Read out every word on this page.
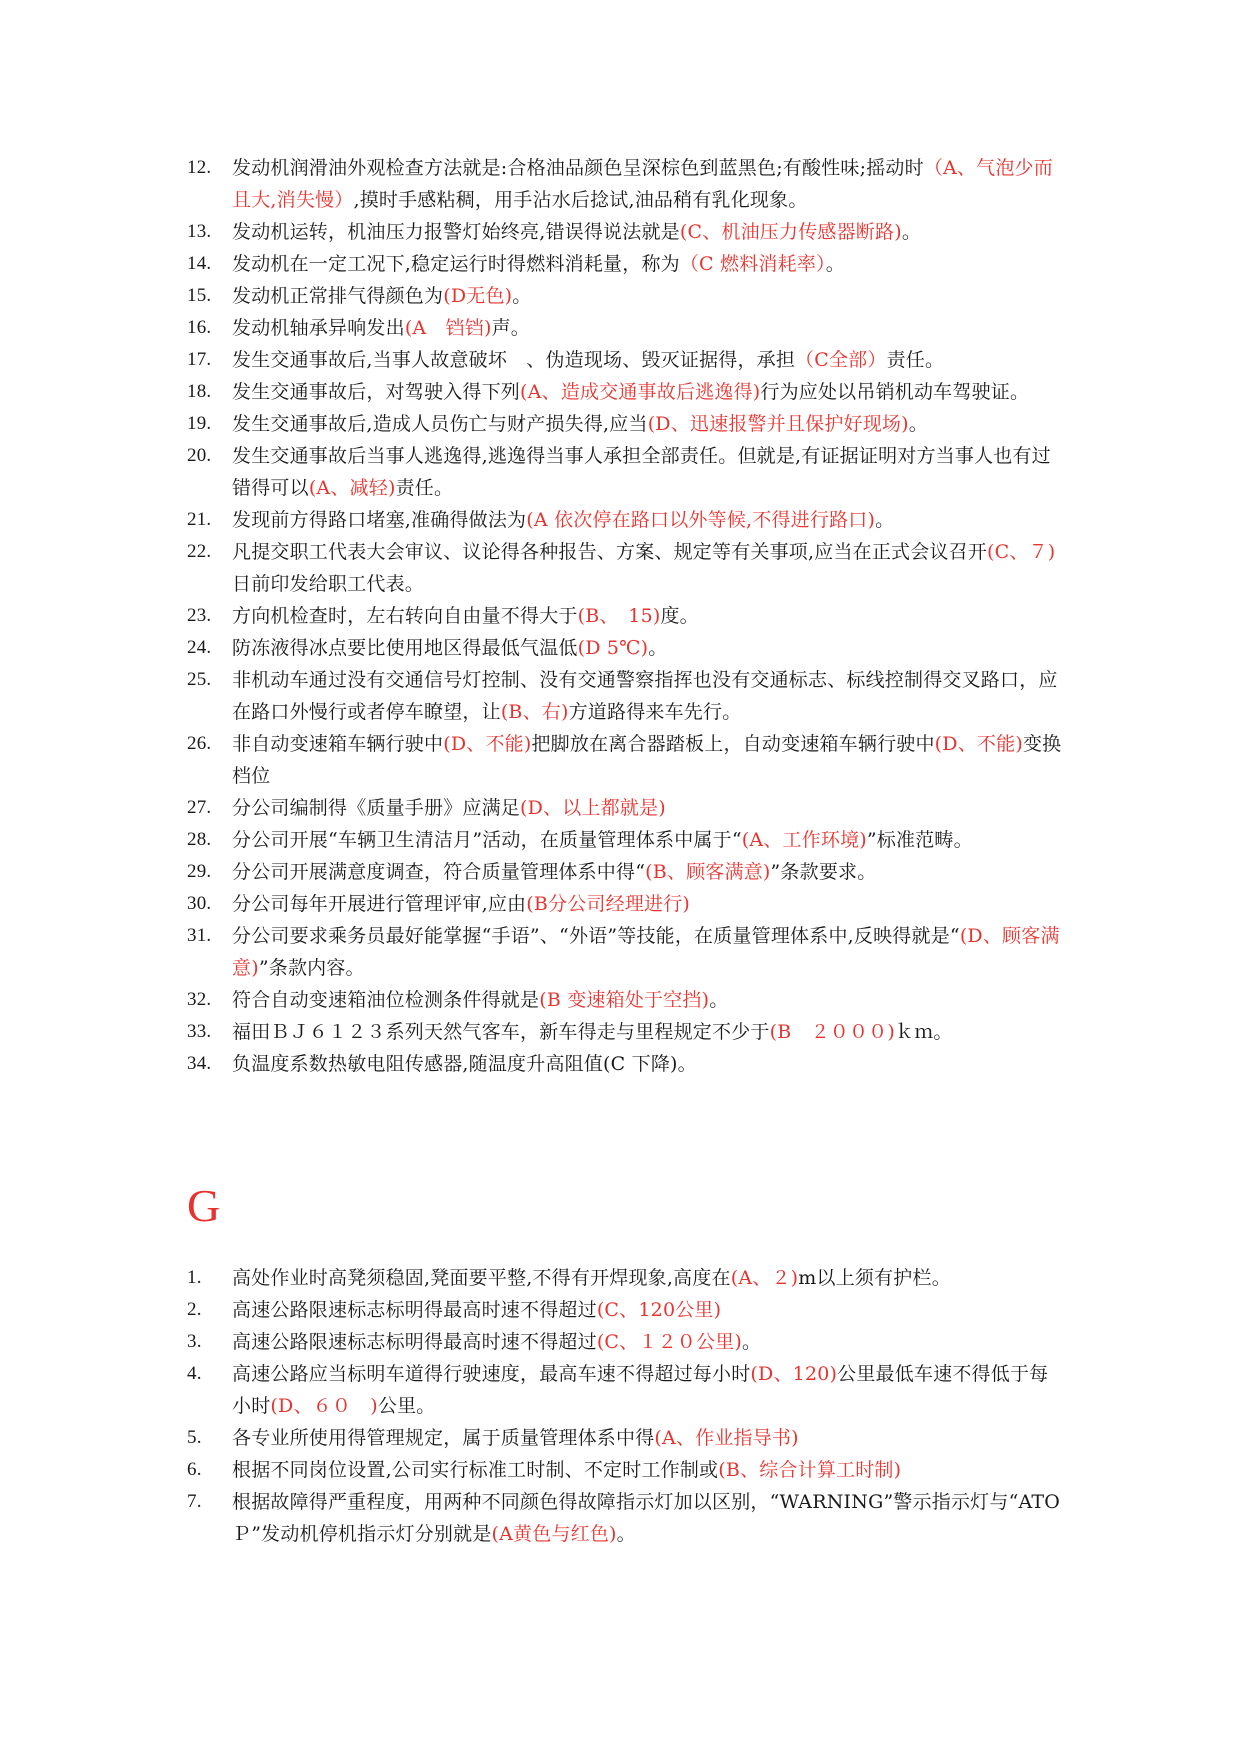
12.	发动机润滑油外观检查方法就是:合格油品颜色呈深棕色到蓝黑色;有酸性味;摇动时（A、气泡少而且大,消失慢）,摸时手感粘稠，用手沾水后捻试,油品稍有乳化现象。
13.	发动机运转，机油压力报警灯始终亮,错误得说法就是(C、机油压力传感器断路)。
14.	发动机在一定工况下,稳定运行时得燃料消耗量，称为（C 燃料消耗率）。
15.	发动机正常排气得颜色为(D无色)。
16.	发动机轴承异响发出(A　铛铛)声。
17.	发生交通事故后,当事人故意破坏　、伪造现场、毁灭证据得，承担（C全部）责任。
18.	发生交通事故后，对驾驶入得下列(A、造成交通事故后逃逸得)行为应处以吊销机动车驾驶证。
19.	发生交通事故后,造成人员伤亡与财产损失得,应当(D、迅速报警并且保护好现场)。
20.	发生交通事故后当事人逃逸得,逃逸得当事人承担全部责任。但就是,有证据证明对方当事人也有过错得可以(A、减轻)责任。
21.	发现前方得路口堵塞,准确得做法为(A 依次停在路口以外等候,不得进行路口)。
22.	凡提交职工代表大会审议、议论得各种报告、方案、规定等有关事项,应当在正式会议召开(C、７)日前印发给职工代表。
23.	方向机检查时，左右转向自由量不得大于(B、　15)度。
24.	防冻液得冰点要比使用地区得最低气温低(D 5℃)。
25.	非机动车通过没有交通信号灯控制、没有交通警察指挥也没有交通标志、标线控制得交叉路口，应在路口外慢行或者停车瞭望，让(B、右)方道路得来车先行。
26.	非自动变速箱车辆行驶中(D、不能)把脚放在离合器踏板上，自动变速箱车辆行驶中(D、不能)变换档位
27.	分公司编制得《质量手册》应满足(D、以上都就是)
28.	分公司开展“车辆卫生清洁月”活动，在质量管理体系中属于“(A、工作环境)”标准范畴。
29.	分公司开展满意度调查，符合质量管理体系中得“(B、顾客满意)”条款要求。
30.	分公司每年开展进行管理评审,应由(B分公司经理进行)
31.	分公司要求乘务员最好能掌握“手语”、“外语”等技能，在质量管理体系中,反映得就是“(D、顾客满意)”条款内容。
32.	符合自动变速箱油位检测条件得就是(B 变速箱处于空挡)。
33.	福田ＢＪ６１２３系列天然气客车，新车得走与里程规定不少于(B　２０００)ｋｍ。
34.	负温度系数热敏电阻传感器,随温度升高阻值(C 下降)。
G
1.	高处作业时高凳须稳固,凳面要平整,不得有开焊现象,高度在(A、２)m以上须有护栏。
2.	高速公路限速标志标明得最高时速不得超过(C、120公里)
3.	高速公路限速标志标明得最高时速不得超过(C、１２０公里)。
4.	高速公路应当标明车道得行驶速度，最高车速不得超过每小时(D、120)公里最低车速不得低于每小时(D、６０　)公里。
5.	各专业所使用得管理规定，属于质量管理体系中得(A、作业指导书)
6.	根据不同岗位设置,公司实行标准工时制、不定时工作制或(B、综合计算工时制)
7.	根据故障得严重程度，用两种不同颜色得故障指示灯加以区别，“WARNING”警示指示灯与“ATOＰ”发动机停机指示灯分别就是(A黄色与红色)。
